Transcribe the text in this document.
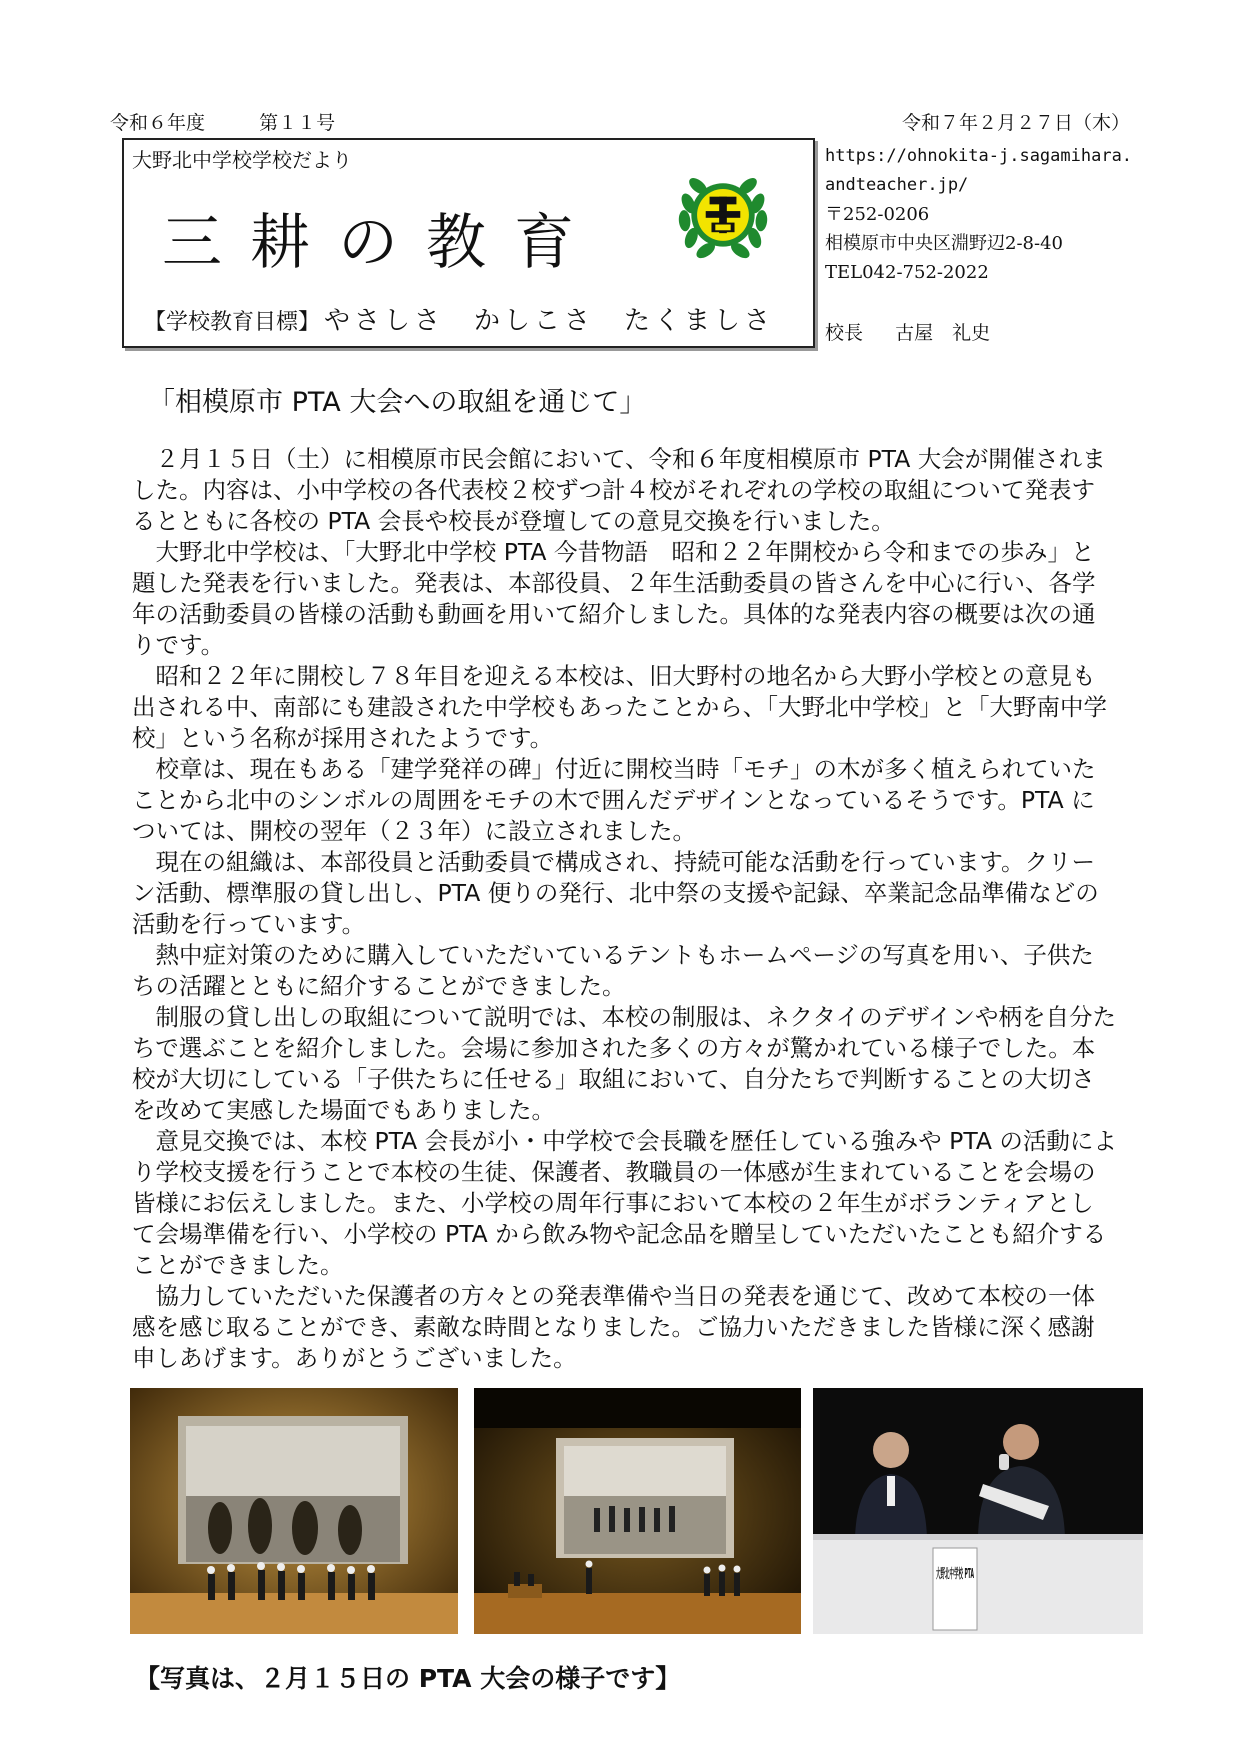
令和６年度	第１１号	令和７年２月２７日（木）
大野北中学校学校だより
三耕の教育
【学校教育目標】 やさしさ　かしこさ　たくましさ
https://ohnokita-j.sagamihara.
andteacher.jp/
〒252-0206
相模原市中央区淵野辺2-8-40
TEL042-752-2022
校長 古屋　礼史
「相模原市 PTA 大会への取組を通じて」

２月１５日（土）に相模原市民会館において、令和６年度相模原市 PTA 大会が開催されました。内容は、小中学校の各代表校２校ずつ計４校がそれぞれの学校の取組について発表するとともに各校の PTA 会長や校長が登壇しての意見交換を行いました。

大野北中学校は、「大野北中学校 PTA 今昔物語　昭和２２年開校から令和までの歩み」と題した発表を行いました。発表は、本部役員、２年生活動委員の皆さんを中心に行い、各学年の活動委員の皆様の活動も動画を用いて紹介しました。具体的な発表内容の概要は次の通りです。

昭和２２年に開校し７８年目を迎える本校は、旧大野村の地名から大野小学校との意見も出される中、南部にも建設された中学校もあったことから、「大野北中学校」と「大野南中学校」という名称が採用されたようです。

校章は、現在もある「建学発祥の碑」付近に開校当時「モチ」の木が多く植えられていたことから北中のシンボルの周囲をモチの木で囲んだデザインとなっているそうです。PTA については、開校の翌年（２３年）に設立されました。

現在の組織は、本部役員と活動委員で構成され、持続可能な活動を行っています。クリーン活動、標準服の貸し出し、PTA 便りの発行、北中祭の支援や記録、卒業記念品準備などの活動を行っています。

熱中症対策のために購入していただいているテントもホームページの写真を用い、子供たちの活躍とともに紹介することができました。

制服の貸し出しの取組について説明では、本校の制服は、ネクタイのデザインや柄を自分たちで選ぶことを紹介しました。会場に参加された多くの方々が驚かれている様子でした。本校が大切にしている「子供たちに任せる」取組において、自分たちで判断することの大切さを改めて実感した場面でもありました。

意見交換では、本校 PTA 会長が小・中学校で会長職を歴任している強みや PTA の活動により学校支援を行うことで本校の生徒、保護者、教職員の一体感が生まれていることを会場の皆様にお伝えしました。また、小学校の周年行事において本校の２年生がボランティアとして会場準備を行い、小学校の PTA から飲み物や記念品を贈呈していただいたことも紹介することができました。

協力していただいた保護者の方々との発表準備や当日の発表を通じて、改めて本校の一体感を感じ取ることができ、素敵な時間となりました。ご協力いただきました皆様に深く感謝申しあげます。ありがとうございました。

【写真は、２月１５日の PTA 大会の様子です】
